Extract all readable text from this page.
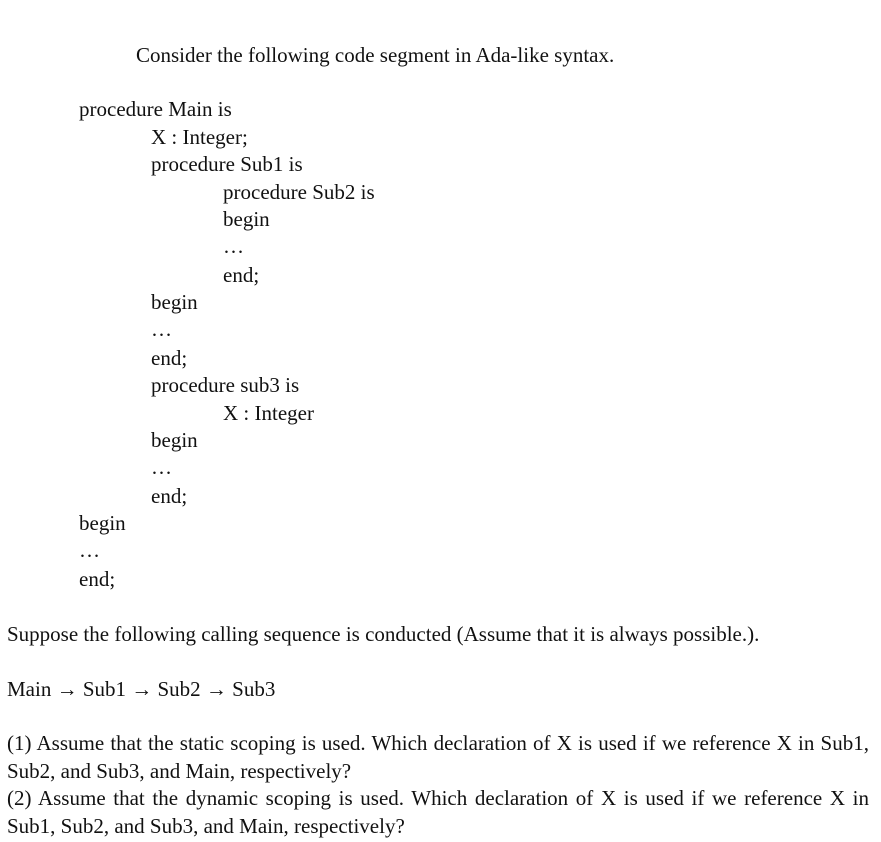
Consider the following code segment in Ada-like syntax.
procedure Main is
X : Integer;
procedure Sub1 is
procedure Sub2 is
begin
…
end;
begin
…
end;
procedure sub3 is
X : Integer
begin
…
end;
begin
…
end;
Suppose the following calling sequence is conducted (Assume that it is always possible.).
Main → Sub1 → Sub2 → Sub3
(1) Assume that the static scoping is used. Which declaration of X is used if we reference X in Sub1, Sub2, and Sub3, and Main, respectively?
(2) Assume that the dynamic scoping is used. Which declaration of X is used if we reference X in Sub1, Sub2, and Sub3, and Main, respectively?
